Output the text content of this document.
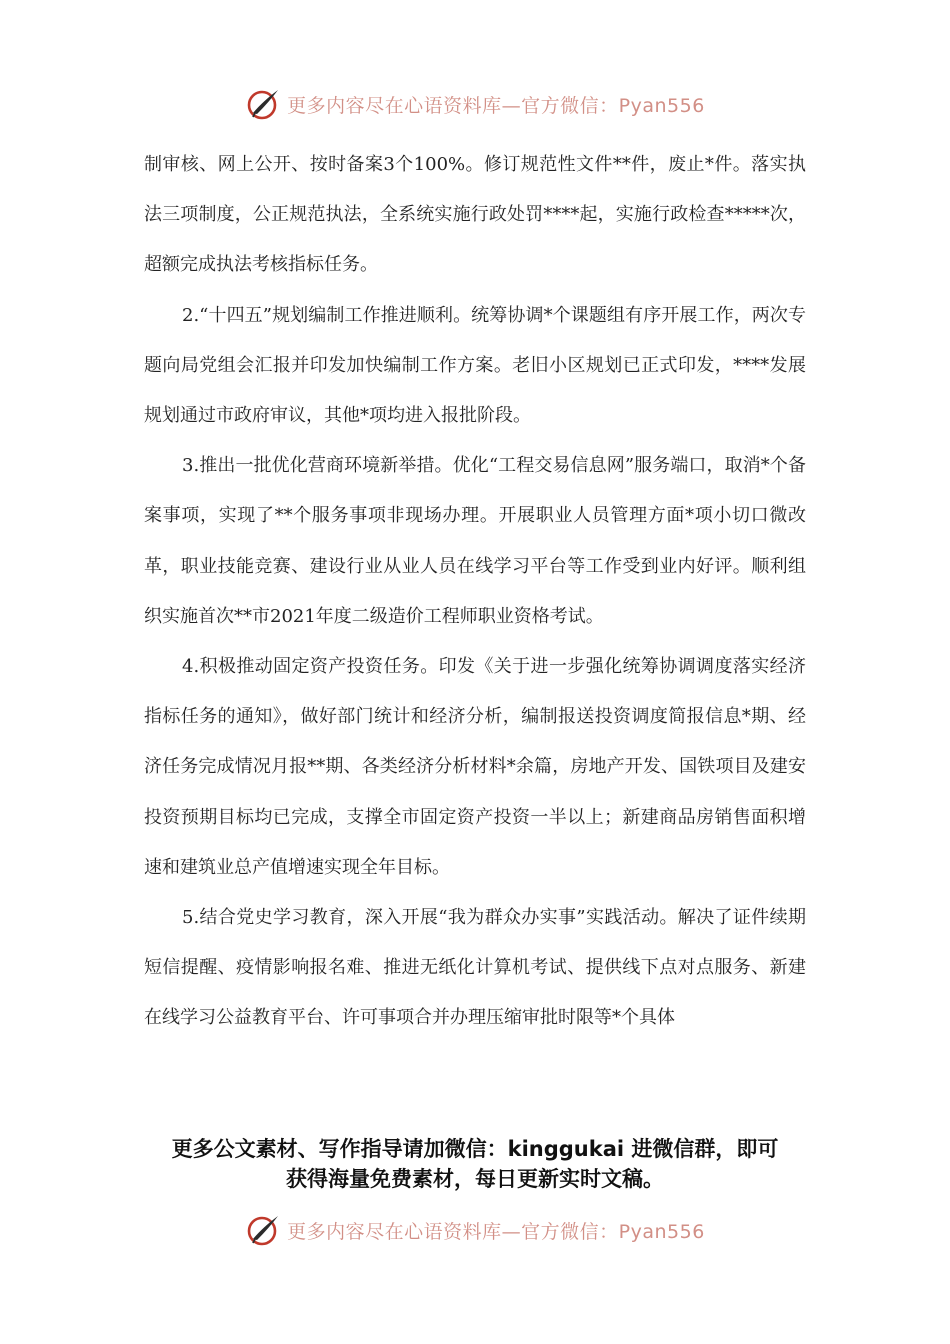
更多内容尽在心语资料库—官方微信：Pyan556

制审核、网上公开、按时备案3个100%。修订规范性文件**件，废止*件。落实执法三项制度，公正规范执法，全系统实施行政处罚****起，实施行政检查*****次，超额完成执法考核指标任务。

2.“十四五”规划编制工作推进顺利。统筹协调*个课题组有序开展工作，两次专题向局党组会汇报并印发加快编制工作方案。老旧小区规划已正式印发，****发展规划通过市政府审议，其他*项均进入报批阶段。

3.推出一批优化营商环境新举措。优化“工程交易信息网”服务端口，取消*个备案事项，实现了**个服务事项非现场办理。开展职业人员管理方面*项小切口微改革，职业技能竞赛、建设行业从业人员在线学习平台等工作受到业内好评。顺利组织实施首次**市2021年度二级造价工程师职业资格考试。

4.积极推动固定资产投资任务。印发《关于进一步强化统筹协调调度落实经济指标任务的通知》，做好部门统计和经济分析，编制报送投资调度简报信息*期、经济任务完成情况月报**期、各类经济分析材料*余篇，房地产开发、国铁项目及建安投资预期目标均已完成，支撑全市固定资产投资一半以上；新建商品房销售面积增速和建筑业总产值增速实现全年目标。

5.结合党史学习教育，深入开展“我为群众办实事”实践活动。解决了证件续期短信提醒、疫情影响报名难、推进无纸化计算机考试、提供线下点对点服务、新建在线学习公益教育平台、许可事项合并办理压缩审批时限等*个具体

更多公文素材、写作指导请加微信：kinggukai 进微信群，即可
获得海量免费素材，每日更新实时文稿。

更多内容尽在心语资料库—官方微信：Pyan556
